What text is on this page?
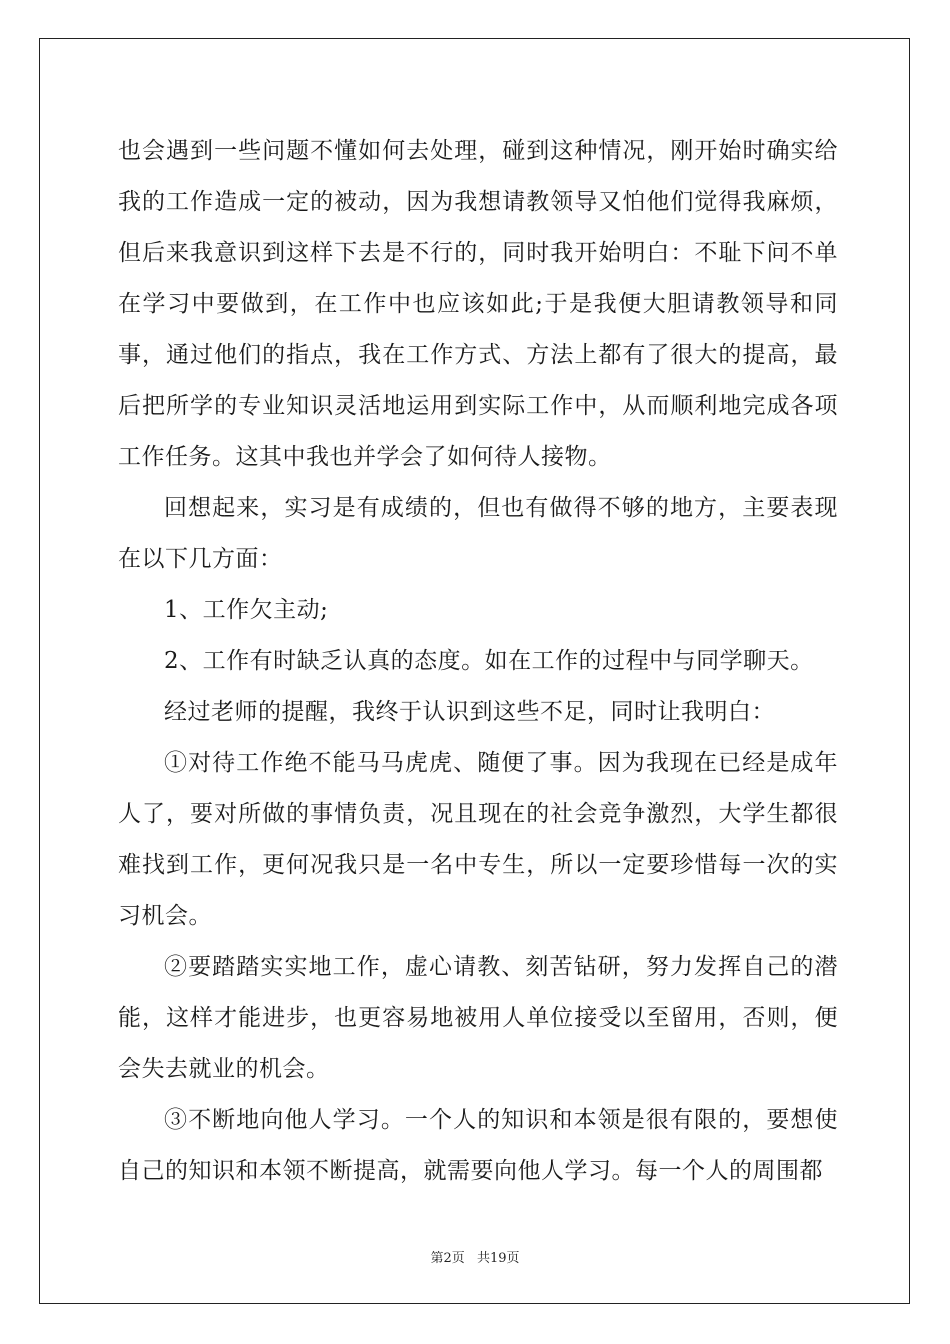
也会遇到一些问题不懂如何去处理，碰到这种情况，刚开始时确实给我的工作造成一定的被动，因为我想请教领导又怕他们觉得我麻烦，但后来我意识到这样下去是不行的，同时我开始明白：不耻下问不单在学习中要做到，在工作中也应该如此;于是我便大胆请教领导和同事，通过他们的指点，我在工作方式、方法上都有了很大的提高，最后把所学的专业知识灵活地运用到实际工作中，从而顺利地完成各项工作任务。这其中我也并学会了如何待人接物。

回想起来，实习是有成绩的，但也有做得不够的地方，主要表现在以下几方面：

1、工作欠主动;

2、工作有时缺乏认真的态度。如在工作的过程中与同学聊天。

经过老师的提醒，我终于认识到这些不足，同时让我明白：

①对待工作绝不能马马虎虎、随便了事。因为我现在已经是成年人了，要对所做的事情负责，况且现在的社会竞争激烈，大学生都很难找到工作，更何况我只是一名中专生，所以一定要珍惜每一次的实习机会。

②要踏踏实实地工作，虚心请教、刻苦钻研，努力发挥自己的潜能，这样才能进步，也更容易地被用人单位接受以至留用，否则，便会失去就业的机会。

③不断地向他人学习。一个人的知识和本领是很有限的，要想使自己的知识和本领不断提高，就需要向他人学习。每一个人的周围都

第2页 共19页
